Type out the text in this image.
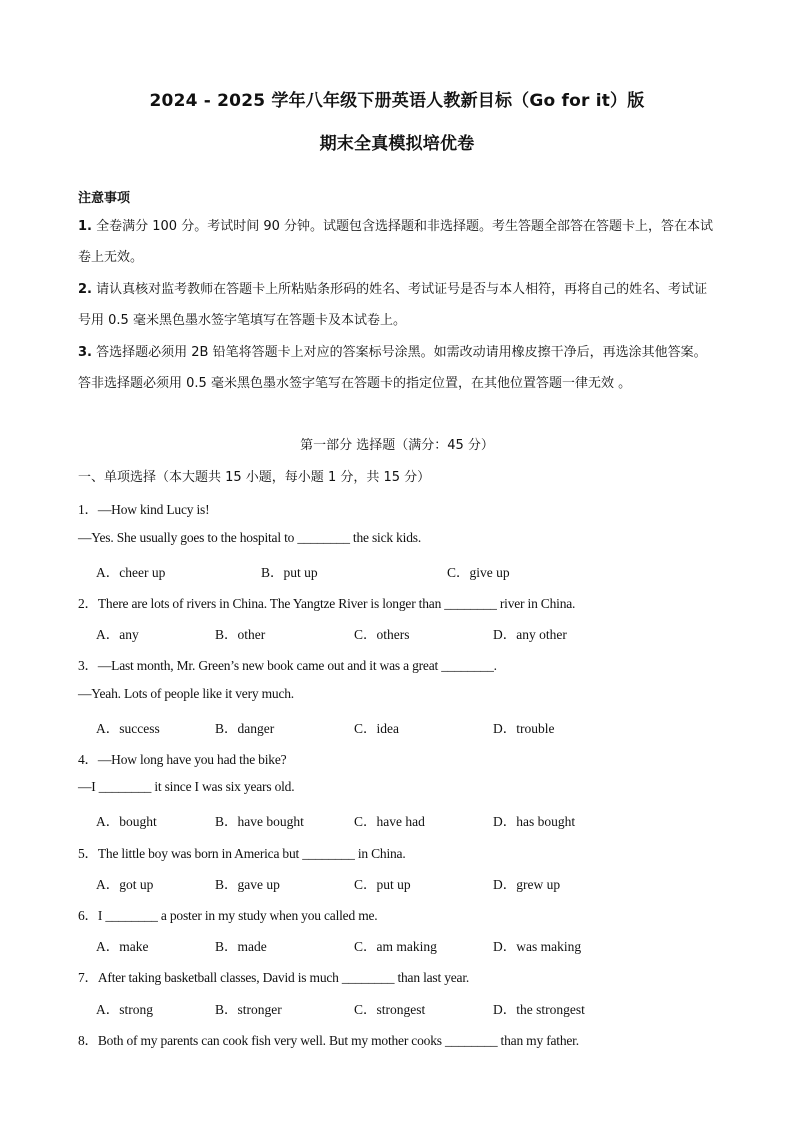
2024 - 2025 学年八年级下册英语人教新目标（Go for it）版
期末全真模拟培优卷
注意事项
1. 全卷满分 100 分。考试时间 90 分钟。试题包含选择题和非选择题。考生答题全部答在答题卡上，答在本试卷上无效。
2. 请认真核对监考教师在答题卡上所粘贴条形码的姓名、考试证号是否与本人相符，再将自己的姓名、考试证号用 0.5 毫米黑色墨水签字笔填写在答题卡及本试卷上。
3. 答选择题必须用 2B 铅笔将答题卡上对应的答案标号涂黑。如需改动请用橡皮擦干净后，再选涂其他答案。答非选择题必须用 0.5 毫米黑色墨水签字笔写在答题卡的指定位置，在其他位置答题一律无效 。
第一部分 选择题（满分：45 分）
一、单项选择（本大题共 15 小题，每小题 1 分，共 15 分）
1．—How kind Lucy is!
—Yes. She usually goes to the hospital to ________ the sick kids.
A．cheer up	B．put up	C．give up
2．There are lots of rivers in China. The Yangtze River is longer than ________ river in China.
A．any	B．other	C．others	D．any other
3．—Last month, Mr. Green’s new book came out and it was a great ________.
—Yeah. Lots of people like it very much.
A．success	B．danger	C．idea	D．trouble
4．—How long have you had the bike?
—I ________ it since I was six years old.
A．bought	B．have bought	C．have had	D．has bought
5．The little boy was born in America but ________ in China.
A．got up	B．gave up	C．put up	D．grew up
6．I ________ a poster in my study when you called me.
A．make	B．made	C．am making	D．was making
7．After taking basketball classes, David is much ________ than last year.
A．strong	B．stronger	C．strongest	D．the strongest
8．Both of my parents can cook fish very well. But my mother cooks ________ than my father.
